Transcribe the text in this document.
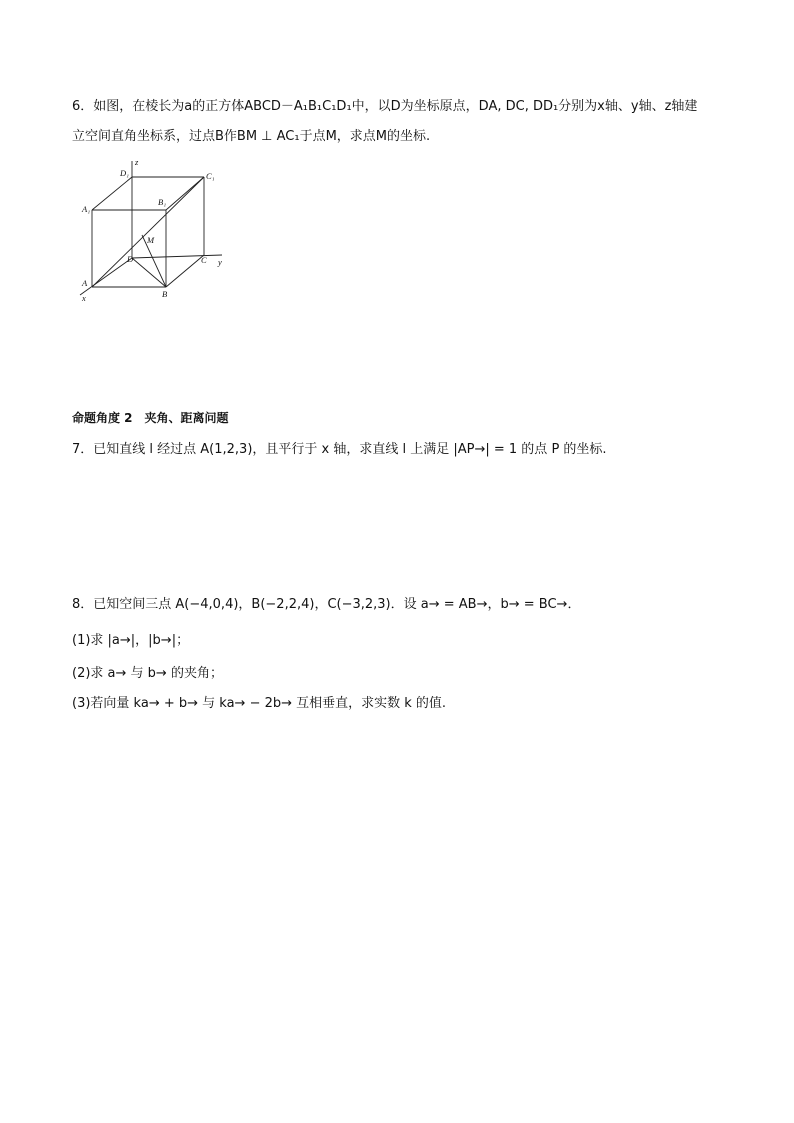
6．如图，在棱长为a的正方体ABCD－A₁B₁C₁D₁中，以D为坐标原点，DA, DC, DD₁分别为x轴、y轴、z轴建
立空间直角坐标系，过点B作BM ⊥ AC₁于点M，求点M的坐标.
z
D₁	C₁
A₁
B₁
M
D	C y
A
B
x
命题角度 2　夹角、距离问题
7．已知直线 l 经过点 A(1,2,3)，且平行于 x 轴，求直线 l 上满足 |AP→| = 1 的点 P 的坐标.
8．已知空间三点 A(−4,0,4)，B(−2,2,4)，C(−3,2,3)．设 a→ = AB→，b→ = BC→．
(1)求 |a→|，|b→|；
(2)求 a→ 与 b→ 的夹角；
(3)若向量 ka→ + b→ 与 ka→ − 2b→ 互相垂直，求实数 k 的值.
